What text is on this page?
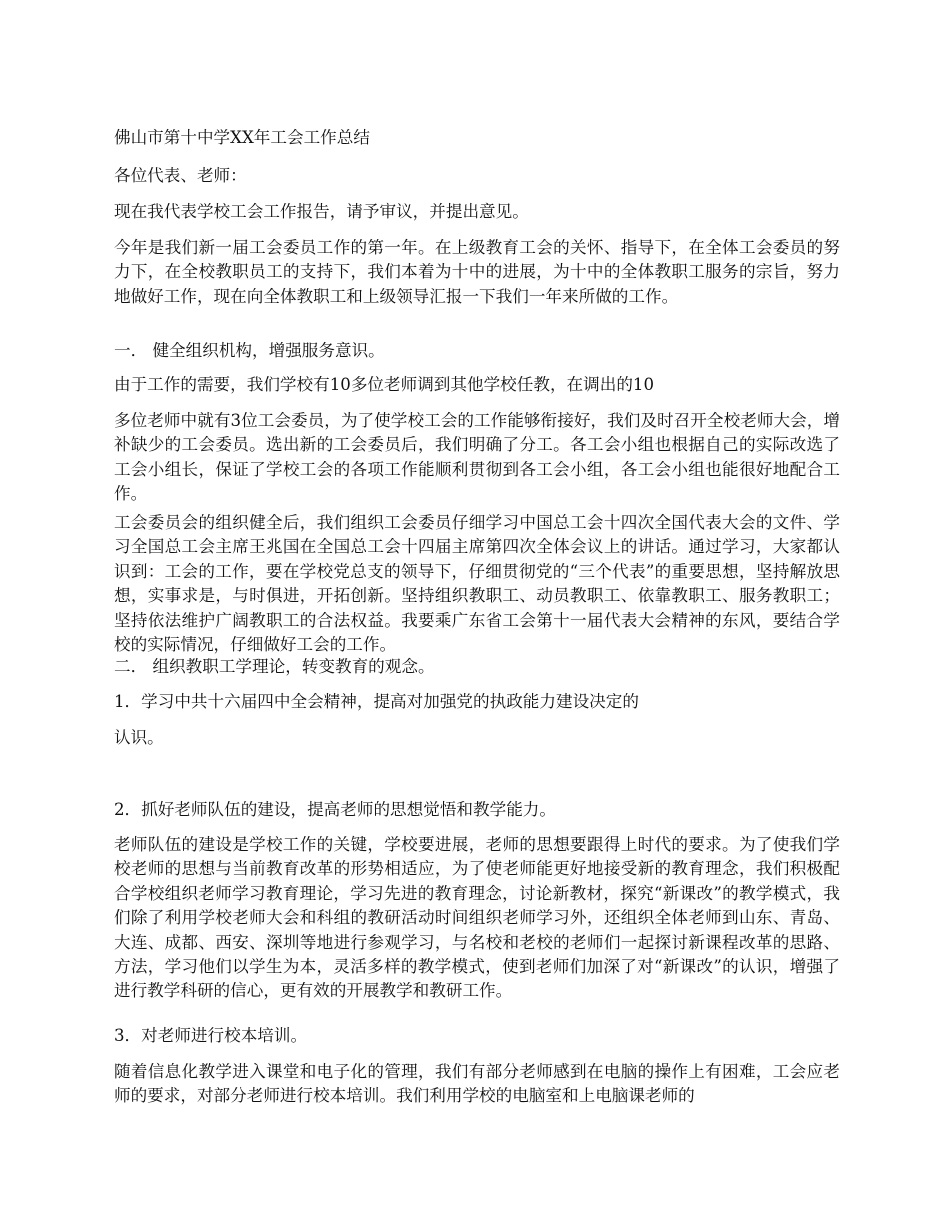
佛山市第十中学XX年工会工作总结

各位代表、老师：

现在我代表学校工会工作报告，请予审议，并提出意见。

今年是我们新一届工会委员工作的第一年。在上级教育工会的关怀、指导下，在全体工会委员的努力下，在全校教职员工的支持下，我们本着为十中的进展，为十中的全体教职工服务的宗旨，努力地做好工作，现在向全体教职工和上级领导汇报一下我们一年来所做的工作。

一． 健全组织机构，增强服务意识。

由于工作的需要，我们学校有10多位老师调到其他学校任教，在调出的10

多位老师中就有3位工会委员，为了使学校工会的工作能够衔接好，我们及时召开全校老师大会，增补缺少的工会委员。选出新的工会委员后，我们明确了分工。各工会小组也根据自己的实际改选了工会小组长，保证了学校工会的各项工作能顺利贯彻到各工会小组，各工会小组也能很好地配合工作。

工会委员会的组织健全后，我们组织工会委员仔细学习中国总工会十四次全国代表大会的文件、学习全国总工会主席王兆国在全国总工会十四届主席第四次全体会议上的讲话。通过学习，大家都认识到：工会的工作，要在学校党总支的领导下，仔细贯彻党的“三个代表”的重要思想，坚持解放思想，实事求是，与时俱进，开拓创新。坚持组织教职工、动员教职工、依靠教职工、服务教职工；坚持依法维护广阔教职工的合法权益。我要乘广东省工会第十一届代表大会精神的东风，要结合学校的实际情况，仔细做好工会的工作。

二． 组织教职工学理论，转变教育的观念。

1．学习中共十六届四中全会精神，提高对加强党的执政能力建设决定的

认识。

2．抓好老师队伍的建设，提高老师的思想觉悟和教学能力。

老师队伍的建设是学校工作的关键，学校要进展，老师的思想要跟得上时代的要求。为了使我们学校老师的思想与当前教育改革的形势相适应，为了使老师能更好地接受新的教育理念，我们积极配合学校组织老师学习教育理论，学习先进的教育理念，讨论新教材，探究“新课改”的教学模式，我们除了利用学校老师大会和科组的教研活动时间组织老师学习外，还组织全体老师到山东、青岛、大连、成都、西安、深圳等地进行参观学习，与名校和老校的老师们一起探讨新课程改革的思路、方法，学习他们以学生为本，灵活多样的教学模式，使到老师们加深了对“新课改”的认识，增强了进行教学科研的信心，更有效的开展教学和教研工作。

3．对老师进行校本培训。

随着信息化教学进入课堂和电子化的管理，我们有部分老师感到在电脑的操作上有困难，工会应老师的要求，对部分老师进行校本培训。我们利用学校的电脑室和上电脑课老师的
